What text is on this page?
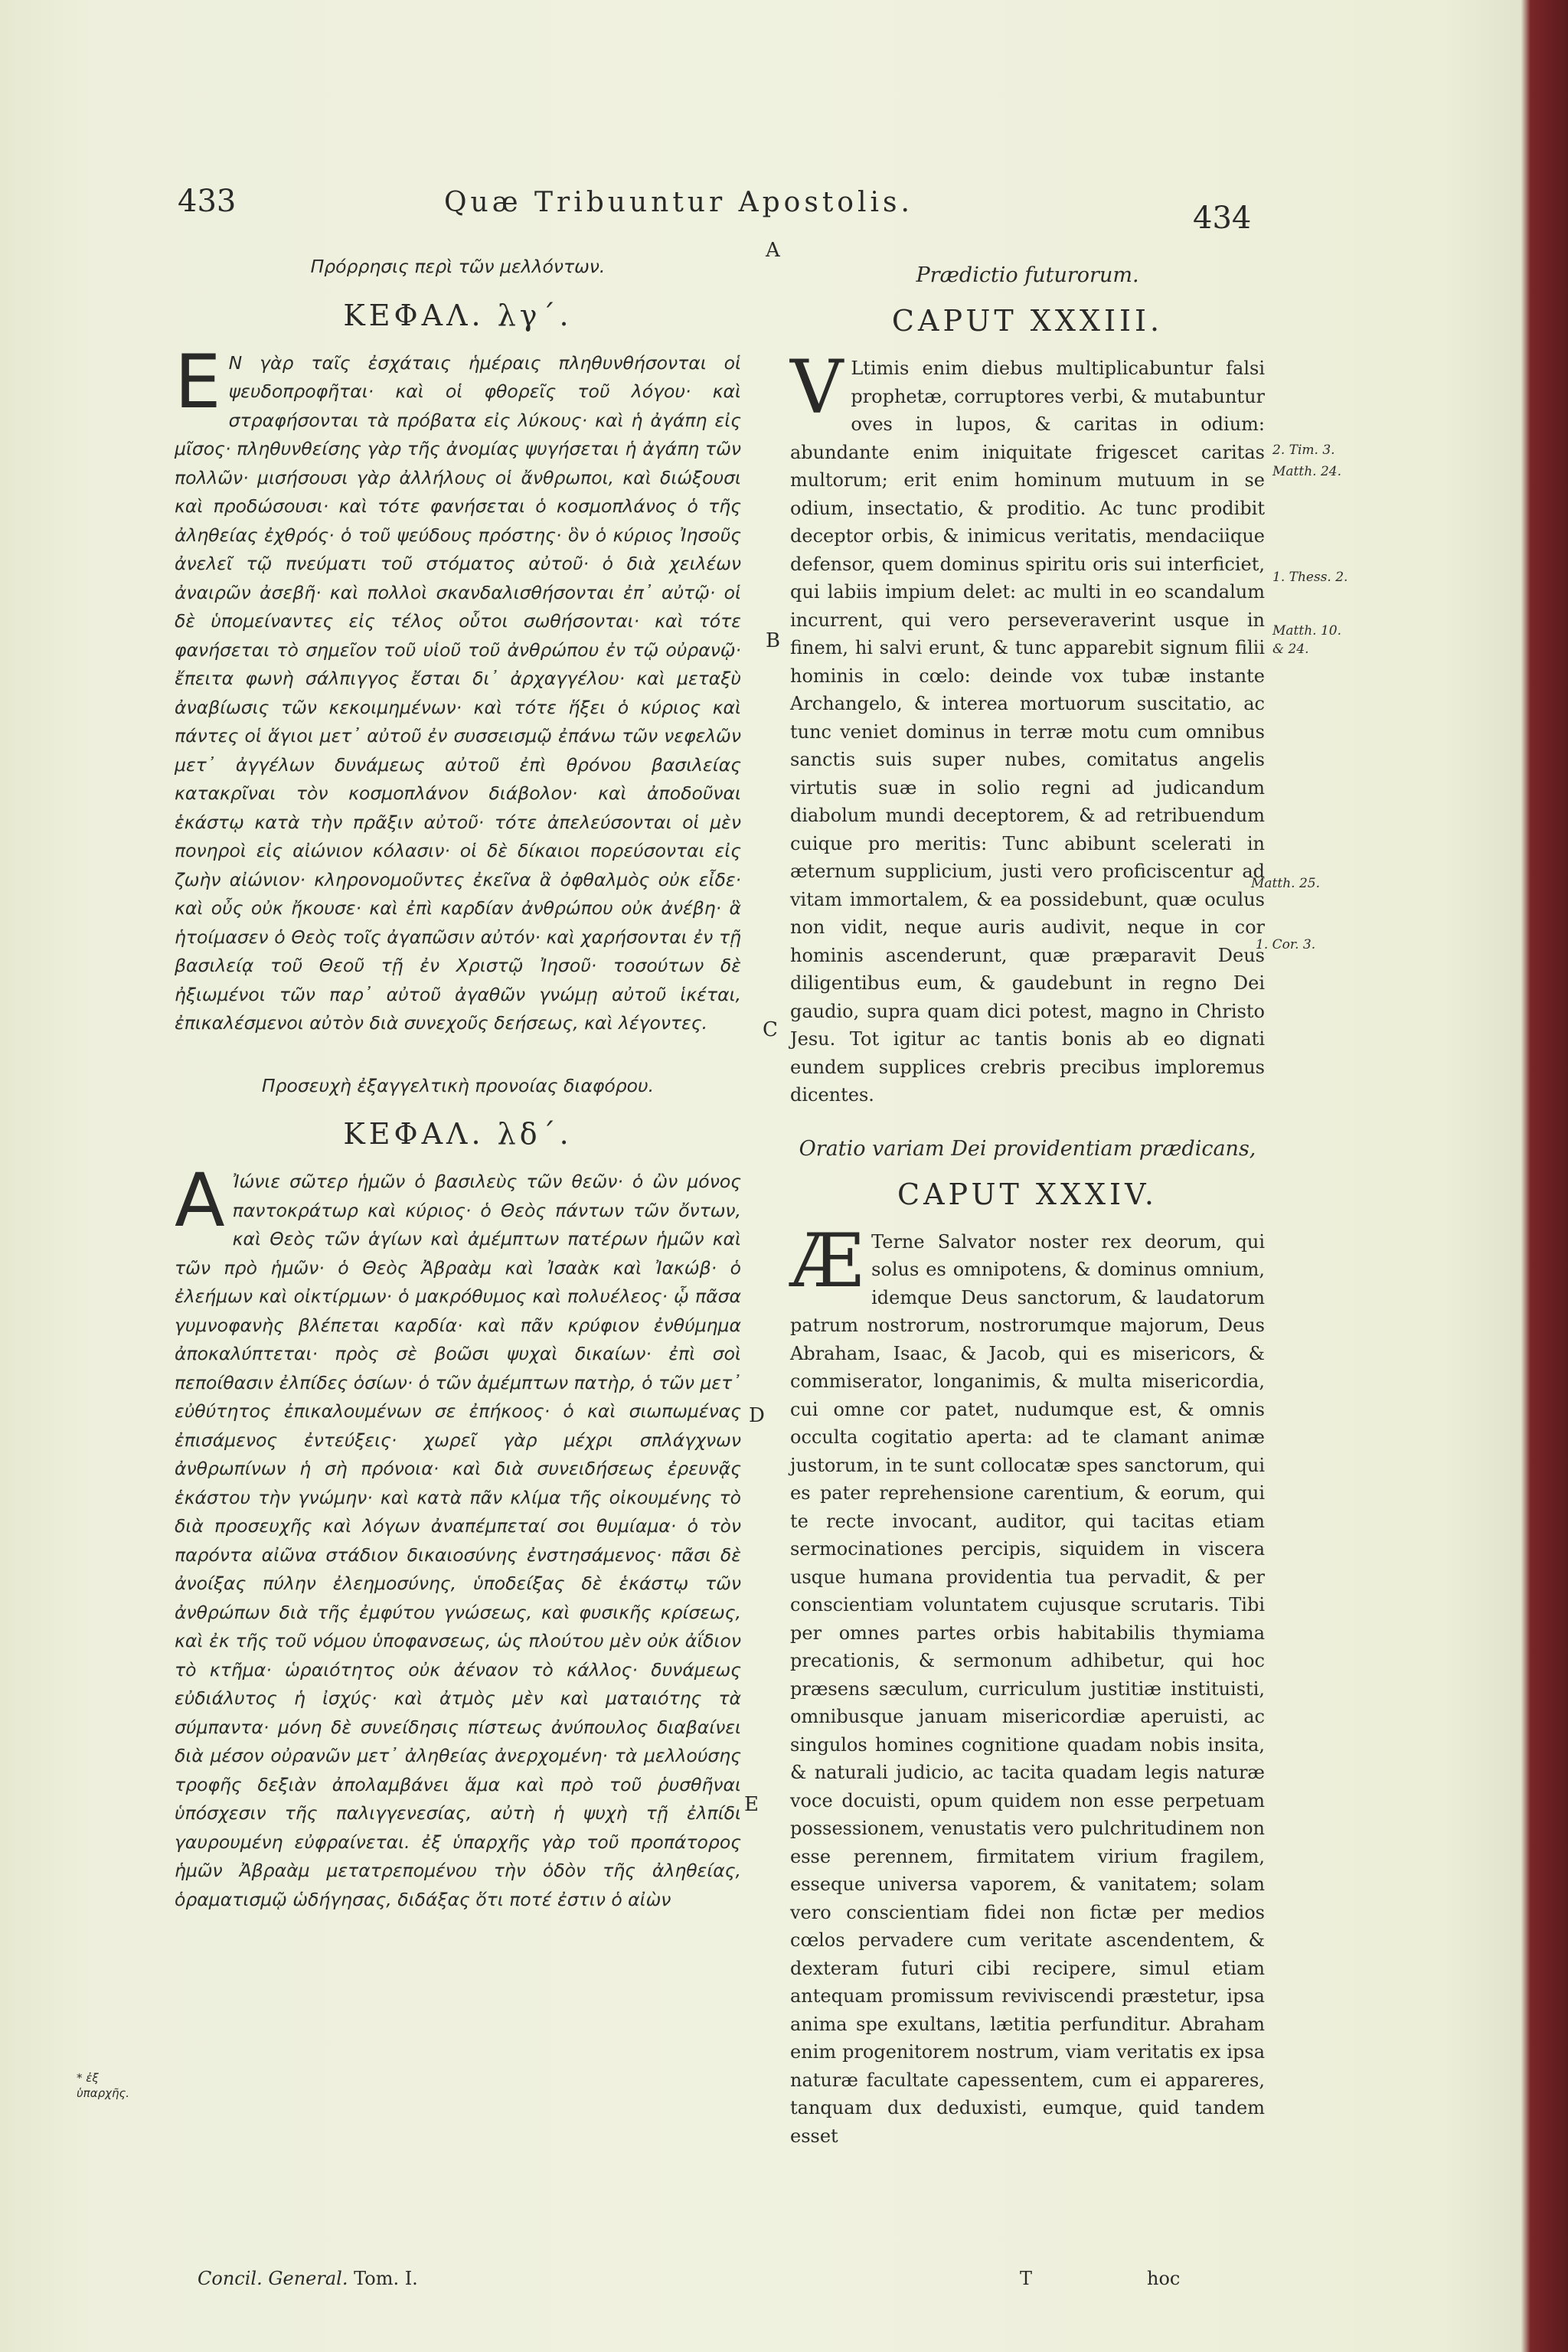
433	Quæ Tribuuntur Apostolis.	434
Πρόρρησις περὶ τῶν μελλόντων.
ΚΕΦΑΛ. λγ΄.

E Ν γὰρ ταῖς ἐσχάταις ἡμέραις πληθυνθήσονται οἱ ψευδοπροφῆται· καὶ οἱ φθορεῖς τοῦ λόγου· καὶ στραφήσονται τὰ πρόβατα εἰς λύκους· καὶ ἡ ἀγάπη εἰς μῖσος· πληθυνθείσης γὰρ τῆς ἀνομίας ψυγήσεται ἡ ἀγάπη τῶν πολλῶν· μισήσουσι γὰρ ἀλλήλους οἱ ἄνθρωποι, καὶ διώξουσι καὶ προδώσουσι· καὶ τότε φανήσεται ὁ κοσμοπλάνος ὁ τῆς ἀληθείας ἐχθρός· ὁ τοῦ ψεύδους πρόστης· ὃν ὁ κύριος Ἰησοῦς ἀνελεῖ τῷ πνεύματι τοῦ στόματος αὐτοῦ· ὁ διὰ χειλέων ἀναιρῶν ἀσεβῆ· καὶ πολλοὶ σκανδαλισθήσονται ἐπ᾽ αὐτῷ· οἱ δὲ ὑπομείναντες εἰς τέλος οὗτοι σωθήσονται· καὶ τότε φανήσεται τὸ σημεῖον τοῦ υἱοῦ τοῦ ἀνθρώπου ἐν τῷ οὐρανῷ· ἔπειτα φωνὴ σάλπιγγος ἔσται δι᾽ ἀρχαγγέλου· καὶ μεταξὺ ἀναβίωσις τῶν κεκοιμημένων· καὶ τότε ἥξει ὁ κύριος καὶ πάντες οἱ ἅγιοι μετ᾽ αὐτοῦ ἐν συσσεισμῷ ἐπάνω τῶν νεφελῶν μετ᾽ ἀγγέλων δυνάμεως αὐτοῦ ἐπὶ θρόνου βασιλείας κατακρῖναι τὸν κοσμοπλάνον διάβολον· καὶ ἀποδοῦναι ἑκάστῳ κατὰ τὴν πρᾶξιν αὐτοῦ· τότε ἀπελεύσονται οἱ μὲν πονηροὶ εἰς αἰώνιον κόλασιν· οἱ δὲ δίκαιοι πορεύσονται εἰς ζωὴν αἰώνιον· κληρονομοῦντες ἐκεῖνα ἃ ὀφθαλμὸς οὐκ εἶδε· καὶ οὖς οὐκ ἤκουσε· καὶ ἐπὶ καρδίαν ἀνθρώπου οὐκ ἀνέβη· ἃ ἡτοίμασεν ὁ Θεὸς τοῖς ἀγαπῶσιν αὐτόν· καὶ χαρήσονται ἐν τῇ βασιλείᾳ τοῦ Θεοῦ τῇ ἐν Χριστῷ Ἰησοῦ· τοσούτων δὲ ἠξιωμένοι τῶν παρ᾽ αὐτοῦ ἀγαθῶν γνώμῃ αὐτοῦ ἱκέται, ἐπικαλέσμενοι αὐτὸν διὰ συνεχοῦς δεήσεως, καὶ λέγοντες.

Προσευχὴ ἐξαγγελτικὴ προνοίας διαφόρου.
ΚΕΦΑΛ. λδ΄.

A Ἰώνιε σῶτερ ἡμῶν ὁ βασιλεὺς τῶν θεῶν· ὁ ὢν μόνος παντοκράτωρ καὶ κύριος· ὁ Θεὸς πάντων τῶν ὄντων, καὶ Θεὸς τῶν ἁγίων καὶ ἀμέμπτων πατέρων ἡμῶν καὶ τῶν πρὸ ἡμῶν· ὁ Θεὸς Ἀβραὰμ καὶ Ἰσαὰκ καὶ Ἰακώβ· ὁ ἐλεήμων καὶ οἰκτίρμων· ὁ μακρόθυμος καὶ πολυέλεος· ᾧ πᾶσα γυμνοφανὴς βλέπεται καρδία· καὶ πᾶν κρύφιον ἐνθύμημα ἀποκαλύπτεται· πρὸς σὲ βοῶσι ψυχαὶ δικαίων· ἐπὶ σοὶ πεποίθασιν ἐλπίδες ὁσίων· ὁ τῶν ἀμέμπτων πατὴρ, ὁ τῶν μετ᾽ εὐθύτητος ἐπικαλουμένων σε ἐπήκοος· ὁ καὶ σιωπωμένας ἐπισάμενος ἐντεύξεις· χωρεῖ γὰρ μέχρι σπλάγχνων ἀνθρωπίνων ἡ σὴ πρόνοια· καὶ διὰ συνειδήσεως ἐρευνᾷς ἑκάστου τὴν γνώμην· καὶ κατὰ πᾶν κλίμα τῆς οἰκουμένης τὸ διὰ προσευχῆς καὶ λόγων ἀναπέμπεταί σοι θυμίαμα· ὁ τὸν παρόντα αἰῶνα στάδιον δικαιοσύνης ἐνστησάμενος· πᾶσι δὲ ἀνοίξας πύλην ἐλεημοσύνης, ὑποδείξας δὲ ἑκάστῳ τῶν ἀνθρώπων διὰ τῆς ἐμφύτου γνώσεως, καὶ φυσικῆς κρίσεως, καὶ ἐκ τῆς τοῦ νόμου ὑποφανσεως, ὡς πλούτου μὲν οὐκ ἀΐδιον τὸ κτῆμα· ὡραιότητος οὐκ ἀέναον τὸ κάλλος· δυνάμεως εὐδιάλυτος ἡ ἰσχύς· καὶ ἀτμὸς μὲν καὶ ματαιότης τὰ σύμπαντα· μόνη δὲ συνείδησις πίστεως ἀνύπουλος διαβαίνει διὰ μέσον οὐρανῶν μετ᾽ ἀληθείας ἀνερχομένη· τὰ μελλούσης τροφῆς δεξιὰν ἀπολαμβάνει ἅμα καὶ πρὸ τοῦ ῥυσθῆναι ὑπόσχεσιν τῆς παλιγγενεσίας, αὐτὴ ἡ ψυχὴ τῇ ἐλπίδι γαυρουμένη εὐφραίνεται. ἐξ ὑπαρχῆς γὰρ τοῦ προπάτορος ἡμῶν Ἀβραὰμ μετατρεπομένου τὴν ὁδὸν τῆς ἀληθείας, ὁραματισμῷ ὡδήγησας, διδάξας ὅτι ποτέ ἐστιν ὁ αἰὼν

Prædictio futurorum.
CAPUT XXXIII.

V Ltimis enim diebus multiplicabuntur falsi prophetæ, corruptores verbi, & mutabuntur oves in lupos, & caritas in odium: abundante enim iniquitate frigescet caritas multorum; erit enim hominum mutuum in se odium, insectatio, & proditio. Ac tunc prodibit deceptor orbis, & inimicus veritatis, mendaciique defensor, quem dominus spiritu oris sui interficiet, qui labiis impium delet: ac multi in eo scandalum incurrent, qui vero perseveraverint usque in finem, hi salvi erunt, & tunc apparebit signum filii hominis in cœlo: deinde vox tubæ instante Archangelo, & interea mortuorum suscitatio, ac tunc veniet dominus in terræ motu cum omnibus sanctis suis super nubes, comitatus angelis virtutis suæ in solio regni ad judicandum diabolum mundi deceptorem, & ad retribuendum cuique pro meritis: Tunc abibunt scelerati in æternum supplicium, justi vero proficiscentur ad vitam immortalem, & ea possidebunt, quæ oculus non vidit, neque auris audivit, neque in cor hominis ascenderunt, quæ præparavit Deus diligentibus eum, & gaudebunt in regno Dei gaudio, supra quam dici potest, magno in Christo Jesu. Tot igitur ac tantis bonis ab eo dignati eundem supplices crebris precibus imploremus dicentes.

Oratio variam Dei providentiam prædicans,
CAPUT XXXIV.

Æ Terne Salvator noster rex deorum, qui solus es omnipotens, & dominus omnium, idemque Deus sanctorum, & laudatorum patrum nostrorum, nostrorumque majorum, Deus Abraham, Isaac, & Jacob, qui es misericors, & commiserator, longanimis, & multa misericordia, cui omne cor patet, nudumque est, & omnis occulta cogitatio aperta: ad te clamant animæ justorum, in te sunt collocatæ spes sanctorum, qui es pater reprehensione carentium, & eorum, qui te recte invocant, auditor, qui tacitas etiam sermocinationes percipis, siquidem in viscera usque humana providentia tua pervadit, & per conscientiam voluntatem cujusque scrutaris. Tibi per omnes partes orbis habitabilis thymiama precationis, & sermonum adhibetur, qui hoc præsens sæculum, curriculum justitiæ instituisti, omnibusque januam misericordiæ aperuisti, ac singulos homines cognitione quadam nobis insita, & naturali judicio, ac tacita quadam legis naturæ voce docuisti, opum quidem non esse perpetuam possessionem, venustatis vero pulchritudinem non esse perennem, firmitatem virium fragilem, esseque universa vaporem, & vanitatem; solam vero conscientiam fidei non fictæ per medios cœlos pervadere cum veritate ascendentem, & dexteram futuri cibi recipere, simul etiam antequam promissum reviviscendi præstetur, ipsa anima spe exultans, lætitia perfunditur. Abraham enim progenitorem nostrum, viam veritatis ex ipsa naturæ facultate capessentem, cum ei appareres, tanquam dux deduxisti, eumque, quid tandem esset

A
B
C
D
E
2. Tim. 3.
Matth. 24.
1. Thess. 2.
Matth. 10.
& 24.
Matth. 25.
1. Cor. 3.
* ἐξ ὑπαρχῆς.
Concil. General. Tom. I.	T	hoc
